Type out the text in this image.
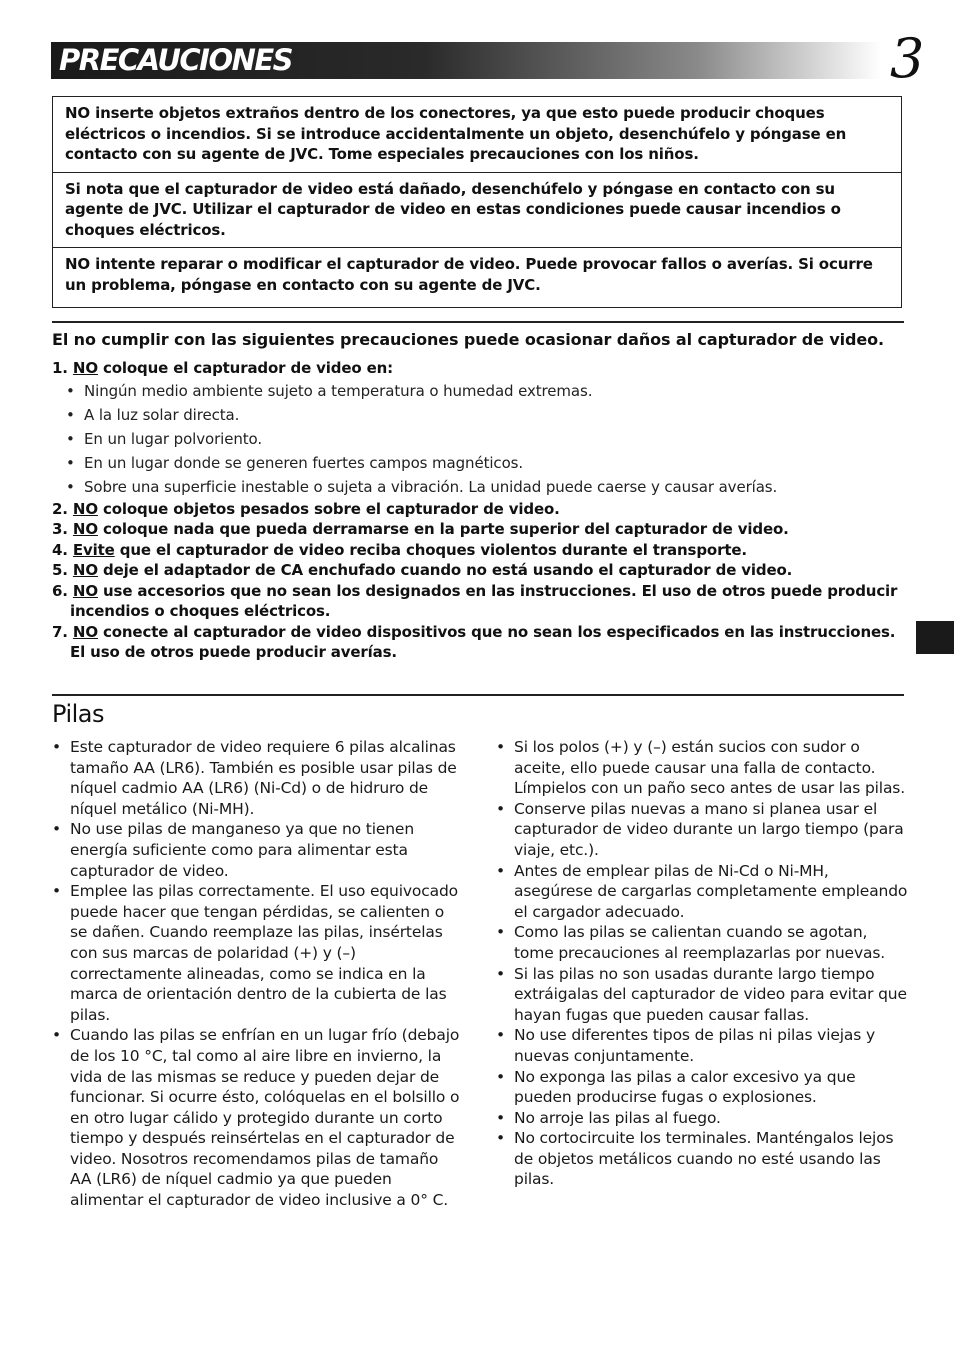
PRECAUCIONES	3
NO inserte objetos extraños dentro de los conectores, ya que esto puede producir choques eléctricos o incendios. Si se introduce accidentalmente un objeto, desenchúfelo y póngase en contacto con su agente de JVC. Tome especiales precauciones con los niños.
Si nota que el capturador de video está dañado, desenchúfelo y póngase en contacto con su agente de JVC. Utilizar el capturador de video en estas condiciones puede causar incendios o choques eléctricos.
NO intente reparar o modificar el capturador de video. Puede provocar fallos o averías. Si ocurre un problema, póngase en contacto con su agente de JVC.
El no cumplir con las siguientes precauciones puede ocasionar daños al capturador de video.
1. NO coloque el capturador de video en:
• Ningún medio ambiente sujeto a temperatura o humedad extremas.
• A la luz solar directa.
• En un lugar polvoriento.
• En un lugar donde se generen fuertes campos magnéticos.
• Sobre una superficie inestable o sujeta a vibración. La unidad puede caerse y causar averías.
2. NO coloque objetos pesados sobre el capturador de video.
3. NO coloque nada que pueda derramarse en la parte superior del capturador de video.
4. Evite que el capturador de video reciba choques violentos durante el transporte.
5. NO deje el adaptador de CA enchufado cuando no está usando el capturador de video.
6. NO use accesorios que no sean los designados en las instrucciones. El uso de otros puede producir incendios o choques eléctricos.
7. NO conecte al capturador de video dispositivos que no sean los especificados en las instrucciones. El uso de otros puede producir averías.
Pilas
• Este capturador de video requiere 6 pilas alcalinas tamaño AA (LR6). También es posible usar pilas de níquel cadmio AA (LR6) (Ni-Cd) o de hidruro de níquel metálico (Ni-MH).
• No use pilas de manganeso ya que no tienen energía suficiente como para alimentar esta capturador de video.
• Emplee las pilas correctamente. El uso equivocado puede hacer que tengan pérdidas, se calienten o se dañen. Cuando reemplaze las pilas, insértelas con sus marcas de polaridad (+) y (–) correctamente alineadas, como se indica en la marca de orientación dentro de la cubierta de las pilas.
• Cuando las pilas se enfrían en un lugar frío (debajo de los 10 °C, tal como al aire libre en invierno, la vida de las mismas se reduce y pueden dejar de funcionar. Si ocurre ésto, colóquelas en el bolsillo o en otro lugar cálido y protegido durante un corto tiempo y después reinsértelas en el capturador de video. Nosotros recomendamos pilas de tamaño AA (LR6) de níquel cadmio ya que pueden alimentar el capturador de video inclusive a 0° C.
• Si los polos (+) y (–) están sucios con sudor o aceite, ello puede causar una falla de contacto. Límpielos con un paño seco antes de usar las pilas.
• Conserve pilas nuevas a mano si planea usar el capturador de video durante un largo tiempo (para viaje, etc.).
• Antes de emplear pilas de Ni-Cd o Ni-MH, asegúrese de cargarlas completamente empleando el cargador adecuado.
• Como las pilas se calientan cuando se agotan, tome precauciones al reemplazarlas por nuevas.
• Si las pilas no son usadas durante largo tiempo extráigalas del capturador de video para evitar que hayan fugas que pueden causar fallas.
• No use diferentes tipos de pilas ni pilas viejas y nuevas conjuntamente.
• No exponga las pilas a calor excesivo ya que pueden producirse fugas o explosiones.
• No arroje las pilas al fuego.
• No cortocircuite los terminales. Manténgalos lejos de objetos metálicos cuando no esté usando las pilas.
